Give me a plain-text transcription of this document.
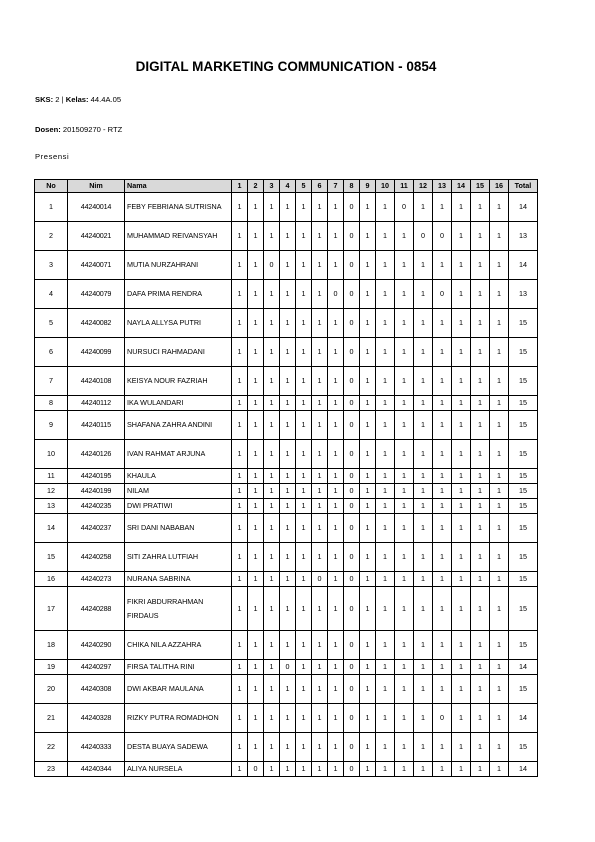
DIGITAL MARKETING COMMUNICATION - 0854
SKS: 2 | Kelas: 44.4A.05
Dosen: 201509270 - RTZ
Presensi
No	Nim	Nama	1	2	3	4	5	6	7	8	9	10	11	12	13	14	15	16	Total
1	44240014	FEBY FEBRIANA SUTRISNA	1	1	1	1	1	1	1	0	1	1	0	1	1	1	1	1	14
2	44240021	MUHAMMAD REIVANSYAH	1	1	1	1	1	1	1	0	1	1	1	0	0	1	1	1	13
3	44240071	MUTIA NURZAHRANI	1	1	0	1	1	1	1	0	1	1	1	1	1	1	1	1	14
4	44240079	DAFA PRIMA RENDRA	1	1	1	1	1	1	0	0	1	1	1	1	0	1	1	1	13
5	44240082	NAYLA ALLYSA PUTRI	1	1	1	1	1	1	1	0	1	1	1	1	1	1	1	1	15
6	44240099	NURSUCI RAHMADANI	1	1	1	1	1	1	1	0	1	1	1	1	1	1	1	1	15
7	44240108	KEISYA NOUR FAZRIAH	1	1	1	1	1	1	1	0	1	1	1	1	1	1	1	1	15
8	44240112	IKA WULANDARI	1	1	1	1	1	1	1	0	1	1	1	1	1	1	1	1	15
9	44240115	SHAFANA ZAHRA ANDINI	1	1	1	1	1	1	1	0	1	1	1	1	1	1	1	1	15
10	44240126	IVAN RAHMAT ARJUNA	1	1	1	1	1	1	1	0	1	1	1	1	1	1	1	1	15
11	44240195	KHAULA	1	1	1	1	1	1	1	0	1	1	1	1	1	1	1	1	15
12	44240199	NILAM	1	1	1	1	1	1	1	0	1	1	1	1	1	1	1	1	15
13	44240235	DWI PRATIWI	1	1	1	1	1	1	1	0	1	1	1	1	1	1	1	1	15
14	44240237	SRI DANI NABABAN	1	1	1	1	1	1	1	0	1	1	1	1	1	1	1	1	15
15	44240258	SITI ZAHRA LUTFIAH	1	1	1	1	1	1	1	0	1	1	1	1	1	1	1	1	15
16	44240273	NURANA SABRINA	1	1	1	1	1	0	1	0	1	1	1	1	1	1	1	1	15
17	44240288	FIKRI ABDURRAHMAN FIRDAUS	1	1	1	1	1	1	1	0	1	1	1	1	1	1	1	1	15
18	44240290	CHIKA NILA AZZAHRA	1	1	1	1	1	1	1	0	1	1	1	1	1	1	1	1	15
19	44240297	FIRSA TALITHA RINI	1	1	1	0	1	1	1	0	1	1	1	1	1	1	1	1	14
20	44240308	DWI AKBAR MAULANA	1	1	1	1	1	1	1	0	1	1	1	1	1	1	1	1	15
21	44240328	RIZKY PUTRA ROMADHON	1	1	1	1	1	1	1	0	1	1	1	1	0	1	1	1	14
22	44240333	DESTA BUAYA SADEWA	1	1	1	1	1	1	1	0	1	1	1	1	1	1	1	1	15
23	44240344	ALIYA NURSELA	1	0	1	1	1	1	1	0	1	1	1	1	1	1	1	1	14
